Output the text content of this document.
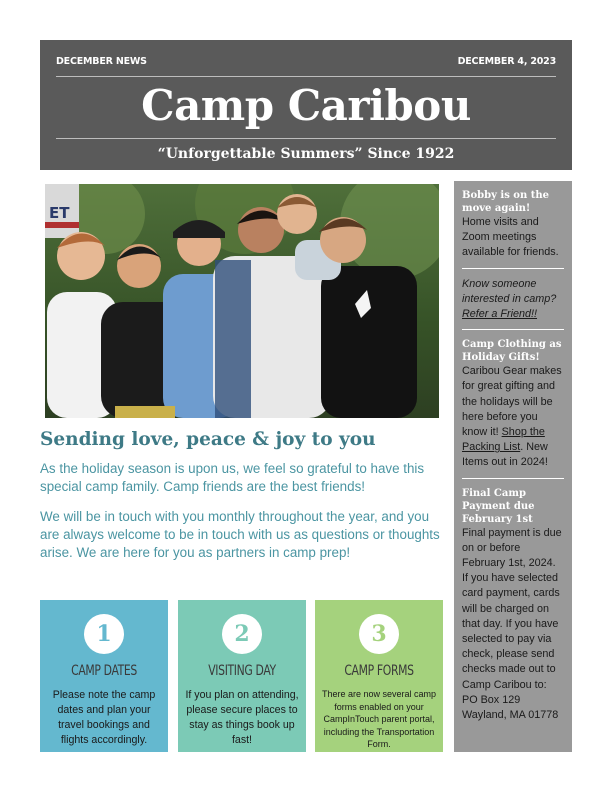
DECEMBER NEWS	DECEMBER 4, 2023
Camp Caribou
“Unforgettable Summers” Since 1922
ET
Sending love, peace & joy to you
As the holiday season is upon us, we feel so grateful to have this special camp family. Camp friends are the best friends!
We will be in touch with you monthly throughout the year, and you are always welcome to be in touch with us as questions or thoughts arise. We are here for you as partners in camp prep!
1
CAMP DATES
Please note the camp dates and plan your travel bookings and flights accordingly.
2
VISITING DAY
If you plan on attending, please secure places to stay as things book up fast!
3
CAMP FORMS
There are now several camp forms enabled on your CampInTouch parent portal, including the Transportation Form.
Bobby is on the move again!
Home visits and Zoom meetings available for friends.
Know someone interested in camp?
Refer a Friend!!
Camp Clothing as Holiday Gifts!
Caribou Gear makes for great gifting and the holidays will be here before you know it! Shop the Packing List. New Items out in 2024!
Final Camp Payment due February 1st
Final payment is due on or before February 1st, 2024. If you have selected card payment, cards will be charged on that day. If you have selected to pay via check, please send checks made out to Camp Caribou to:
PO Box 129
Wayland, MA 01778
